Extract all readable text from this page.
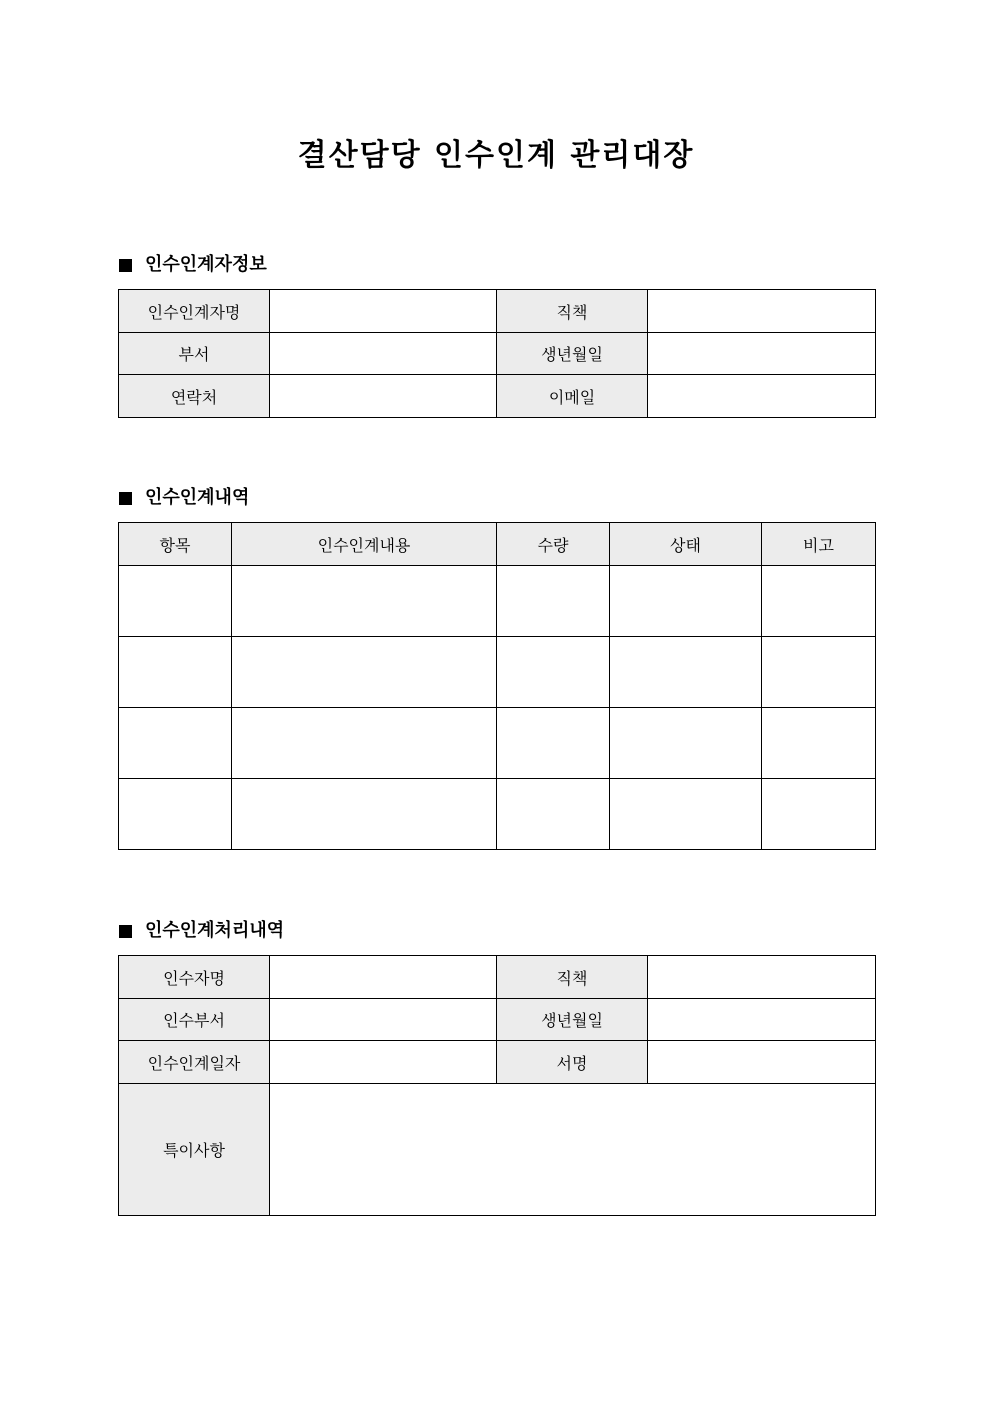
결산담당 인수인계 관리대장
인수인계자정보
인수인계자명		직책	
부서		생년월일	
연락처		이메일	
인수인계내역
항목	인수인계내용	수량	상태	비고

인수인계처리내역
인수자명		직책	
인수부서		생년월일	
인수인계일자		서명	
특이사항			
